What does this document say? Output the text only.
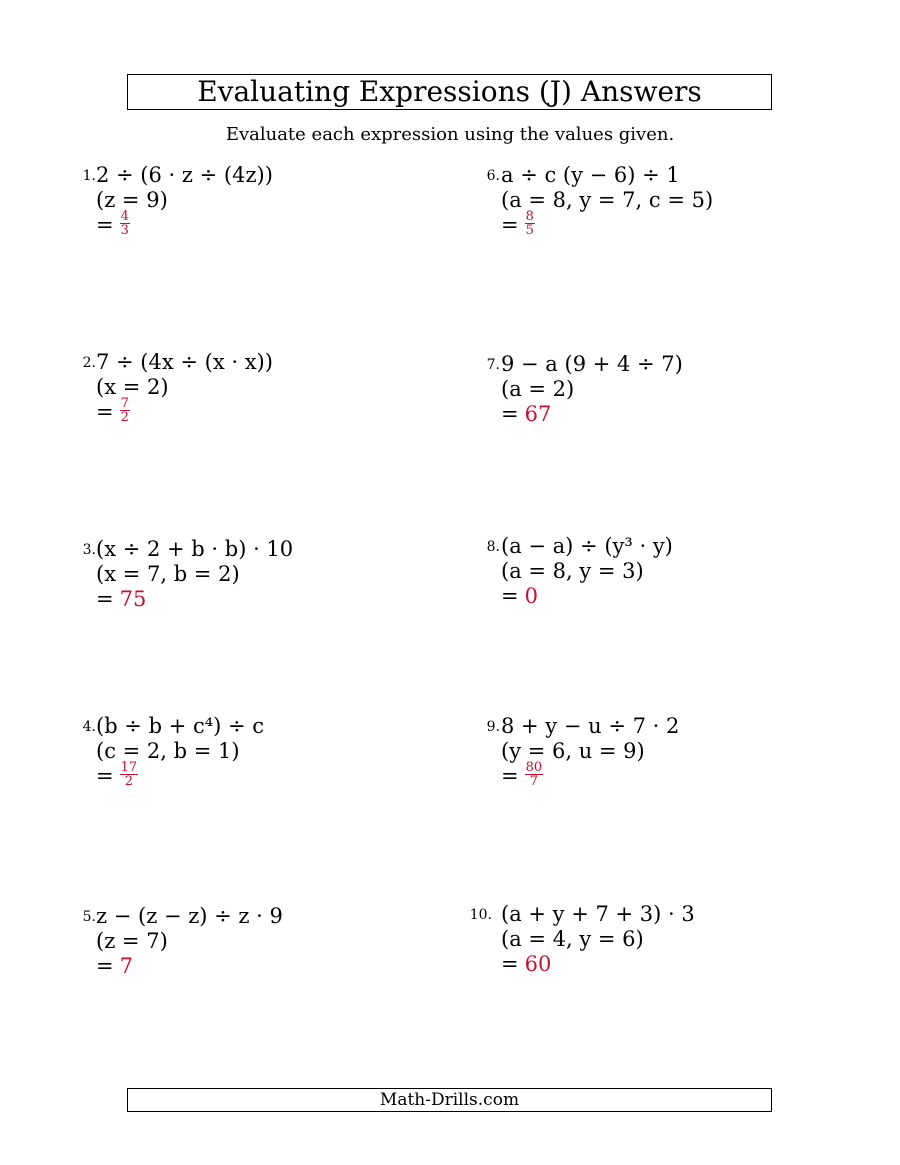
Evaluating Expressions (J) Answers
Evaluate each expression using the values given.
1. 2 ÷ (6 · z ÷ (4z))
(z = 9)
= $\frac{4}{3}$
2. 7 ÷ (4x ÷ (x · x))
(x = 2)
= $\frac{7}{2}$
3. (x ÷ 2 + b · b) · 10
(x = 7, b = 2)
= 75
4. (b ÷ b + c⁴) ÷ c
(c = 2, b = 1)
= $\frac{17}{2}$
5. z − (z − z) ÷ z · 9
(z = 7)
= 7
6. a ÷ c (y − 6) ÷ 1
(a = 8, y = 7, c = 5)
= $\frac{8}{5}$
7. 9 − a (9 + 4 ÷ 7)
(a = 2)
= 67
8. (a − a) ÷ (y³ · y)
(a = 8, y = 3)
= 0
9. 8 + y − u ÷ 7 · 2
(y = 6, u = 9)
= $\frac{80}{7}$
10. (a + y + 7 + 3) · 3
(a = 4, y = 6)
= 60
Math-Drills.com
